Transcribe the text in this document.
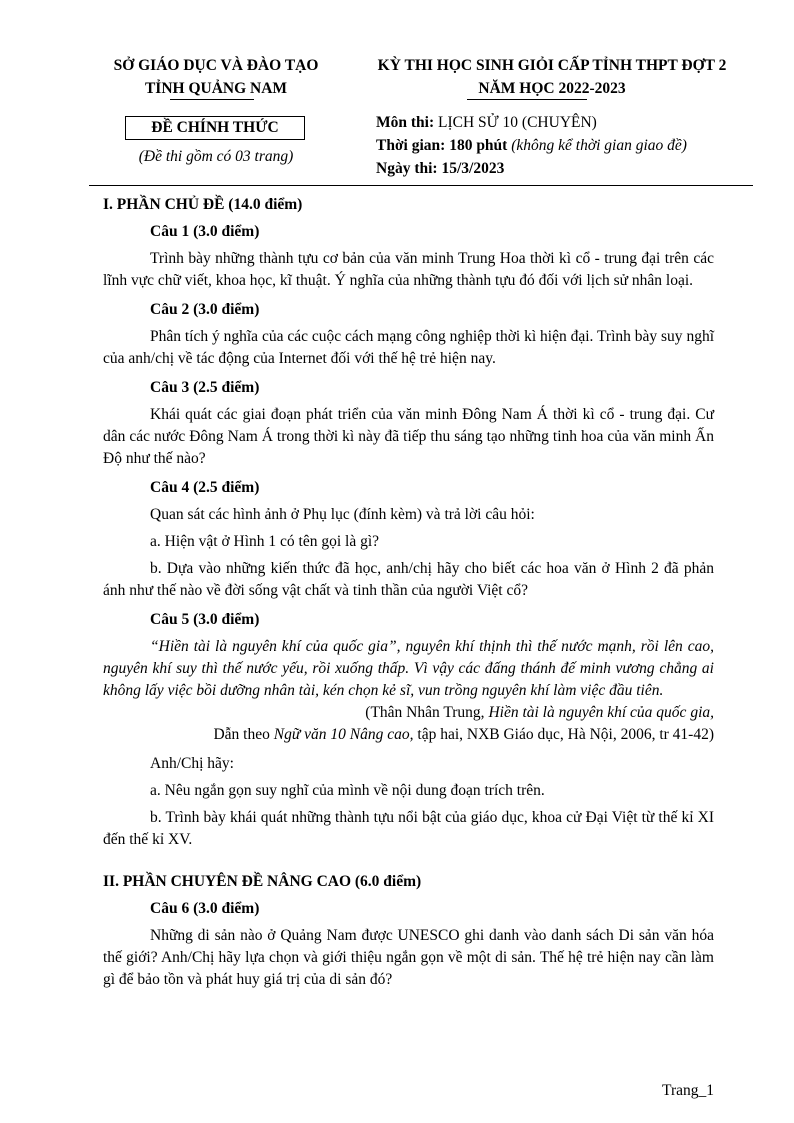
SỞ GIÁO DỤC VÀ ĐÀO TẠO
TỈNH QUẢNG NAM
KỲ THI HỌC SINH GIỎI CẤP TỈNH THPT ĐỢT 2
NĂM HỌC 2022-2023
ĐỀ CHÍNH THỨC
(Đề thi gồm có 03 trang)
Môn thi: LỊCH SỬ 10 (CHUYÊN)
Thời gian: 180 phút (không kể thời gian giao đề)
Ngày thi: 15/3/2023

I. PHẦN CHỦ ĐỀ (14.0 điểm)

Câu 1 (3.0 điểm)

Trình bày những thành tựu cơ bản của văn minh Trung Hoa thời kì cổ - trung đại trên các lĩnh vực chữ viết, khoa học, kĩ thuật. Ý nghĩa của những thành tựu đó đối với lịch sử nhân loại.

Câu 2 (3.0 điểm)

Phân tích ý nghĩa của các cuộc cách mạng công nghiệp thời kì hiện đại. Trình bày suy nghĩ của anh/chị về tác động của Internet đối với thế hệ trẻ hiện nay.

Câu 3 (2.5 điểm)

Khái quát các giai đoạn phát triển của văn minh Đông Nam Á thời kì cổ - trung đại. Cư dân các nước Đông Nam Á trong thời kì này đã tiếp thu sáng tạo những tinh hoa của văn minh Ấn Độ như thế nào?

Câu 4 (2.5 điểm)

Quan sát các hình ảnh ở Phụ lục (đính kèm) và trả lời câu hỏi:

a. Hiện vật ở Hình 1 có tên gọi là gì?

b. Dựa vào những kiến thức đã học, anh/chị hãy cho biết các hoa văn ở Hình 2 đã phản ánh như thế nào về đời sống vật chất và tinh thần của người Việt cổ?

Câu 5 (3.0 điểm)

“Hiền tài là nguyên khí của quốc gia”, nguyên khí thịnh thì thế nước mạnh, rồi lên cao, nguyên khí suy thì thế nước yếu, rồi xuống thấp. Vì vậy các đấng thánh đế minh vương chẳng ai không lấy việc bồi dưỡng nhân tài, kén chọn kẻ sĩ, vun trồng nguyên khí làm việc đầu tiên.

(Thân Nhân Trung, Hiền tài là nguyên khí của quốc gia,

Dẫn theo Ngữ văn 10 Nâng cao, tập hai, NXB Giáo dục, Hà Nội, 2006, tr 41-42)

Anh/Chị hãy:

a. Nêu ngắn gọn suy nghĩ của mình về nội dung đoạn trích trên.

b. Trình bày khái quát những thành tựu nổi bật của giáo dục, khoa cử Đại Việt từ thế kỉ XI đến thế kỉ XV.

II. PHẦN CHUYÊN ĐỀ NÂNG CAO (6.0 điểm)

Câu 6 (3.0 điểm)

Những di sản nào ở Quảng Nam được UNESCO ghi danh vào danh sách Di sản văn hóa thế giới? Anh/Chị hãy lựa chọn và giới thiệu ngắn gọn về một di sản. Thế hệ trẻ hiện nay cần làm gì để bảo tồn và phát huy giá trị của di sản đó?

Trang_1
